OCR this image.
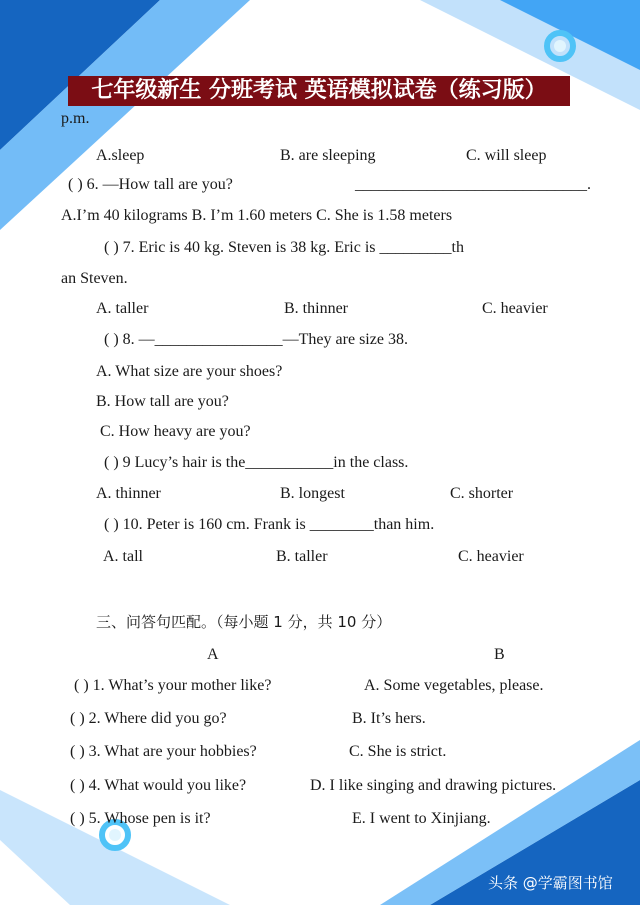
七年级新生 分班考试 英语模拟试卷（练习版）
p.m.
A.sleep	B. are sleeping	C. will sleep
( ) 6. —How tall are you?	_____________________________.
A.I’m 40 kilograms B. I’m 1.60 meters C. She is 1.58 meters
( ) 7. Eric is 40 kg. Steven is 38 kg. Eric is _________th
an Steven.
A. taller	B. thinner	C. heavier
( ) 8. —________________—They are size 38.
A. What size are your shoes?
B. How tall are you?
C. How heavy are you?
( ) 9 Lucy’s hair is the___________in the class.
A. thinner	B. longest	C. shorter
( ) 10. Peter is 160 cm. Frank is ________than him.
A. tall	B. taller	C. heavier
三、问答句匹配。（每小题 1 分，共 10 分）
A	B
( ) 1. What’s your mother like?	A. Some vegetables, please.
( ) 2. Where did you go?	B. It’s hers.
( ) 3. What are your hobbies?	C. She is strict.
( ) 4. What would you like?	D. I like singing and drawing pictures.
( ) 5. Whose pen is it?	E. I went to Xinjiang.
头条 @学霸图书馆
